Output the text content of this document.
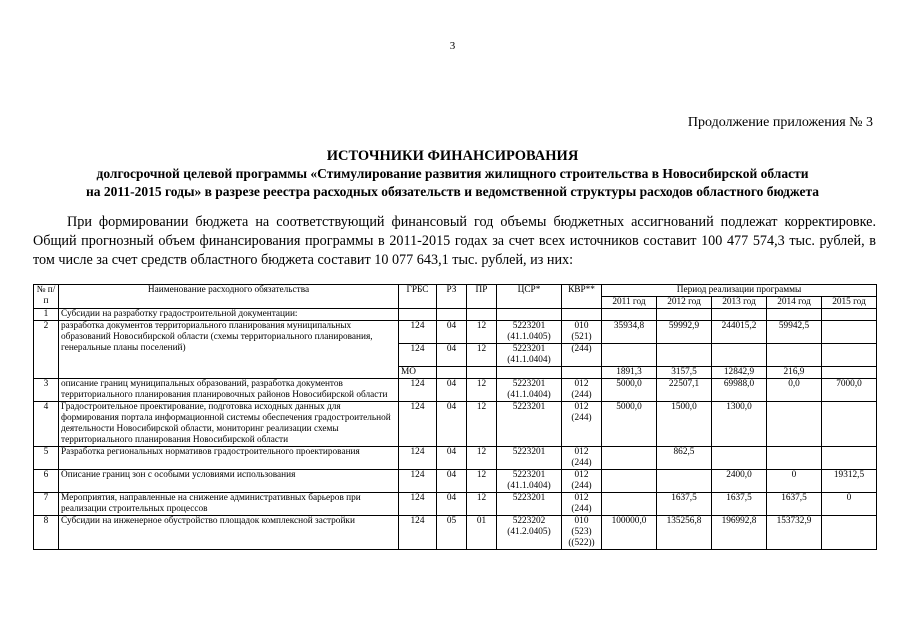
3
Продолжение приложения № 3
ИСТОЧНИКИ ФИНАНСИРОВАНИЯ
долгосрочной целевой программы «Стимулирование развития жилищного строительства в Новосибирской области
на 2011-2015 годы» в разрезе реестра расходных обязательств и ведомственной структуры расходов областного бюджета
При формировании бюджета на соответствующий финансовый год объемы бюджетных ассигнований подлежат корректировке. Общий прогнозный объем финансирования программы в 2011-2015 годах за счет всех источников составит 100 477 574,3 тыс. рублей, в том числе за счет средств областного бюджета составит 10 077 643,1 тыс. рублей, из них:
№ п/п	Наименование расходного обязательства	ГРБС	РЗ	ПР	ЦСР*	КВР**	Период реализации программы				
							2011 год	2012 год	2013 год	2014 год	2015 год
1	Субсидии на разработку градостроительной документации:										
2	разработка документов территориального планирования муниципальных образований Новосибирской области (схемы территориального планирования, генеральные планы поселений)	124	04	12	5223201 (41.1.0405)	010 (521)	35934,8	59992,9	244015,2	59942,5	
		124	04	12	5223201 (41.1.0404)	(244)					
		МО					1891,3	3157,5	12842,9	216,9	
3	описание границ муниципальных образований, разработка документов территориального планирования планировочных районов Новосибирской области	124	04	12	5223201 (41.1.0404)	012 (244)	5000,0	22507,1	69988,0	0,0	7000,0
4	Градостроительное проектирование, подготовка исходных данных для формирования портала информационной системы обеспечения градостроительной деятельности Новосибирской области, мониторинг реализации схемы территориального планирования Новосибирской области	124	04	12	5223201	012 (244)	5000,0	1500,0	1300,0		
5	Разработка региональных нормативов градостроительного проектирования	124	04	12	5223201	012 (244)		862,5			
6	Описание границ зон с особыми условиями использования	124	04	12	5223201 (41.1.0404)	012 (244)			2400,0	0	19312,5
7	Мероприятия, направленные на снижение административных барьеров при реализации строительных процессов	124	04	12	5223201	012 (244)		1637,5	1637,5	1637,5	0
8	Субсидии на инженерное обустройство площадок комплексной застройки	124	05	01	5223202 (41.2.0405)	010 (523) ((522))	100000,0	135256,8	196992,8	153732,9	
